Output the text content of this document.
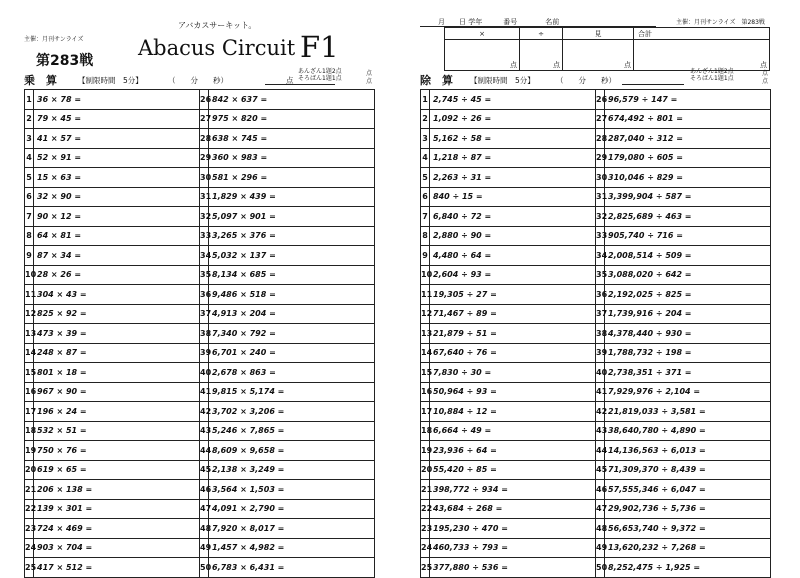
主催：月刊サンライズ
第283戦
アバカスサーキット。
Abacus Circuit F1
乗　算	【制限時間　5分】	（　　分　　秒）	点
あんざん1題2点
そろばん1題1点
点
点
1	36 × 78 =	26	842 × 637 =
2	79 × 45 =	27	975 × 820 =
3	41 × 57 =	28	638 × 745 =
4	52 × 91 =	29	360 × 983 =
5	15 × 63 =	30	581 × 296 =
6	32 × 90 =	31	1,829 × 439 =
7	90 × 12 =	32	5,097 × 901 =
8	64 × 81 =	33	3,265 × 376 =
9	87 × 34 =	34	5,032 × 137 =
10	28 × 26 =	35	8,134 × 685 =
11	304 × 43 =	36	9,486 × 518 =
12	825 × 92 =	37	4,913 × 204 =
13	473 × 39 =	38	7,340 × 792 =
14	248 × 87 =	39	6,701 × 240 =
15	801 × 18 =	40	2,678 × 863 =
16	967 × 90 =	41	9,815 × 5,174 =
17	196 × 24 =	42	3,702 × 3,206 =
18	532 × 51 =	43	5,246 × 7,865 =
19	750 × 76 =	44	8,609 × 9,658 =
20	619 × 65 =	45	2,138 × 3,249 =
21	206 × 138 =	46	3,564 × 1,503 =
22	139 × 301 =	47	4,091 × 2,790 =
23	724 × 469 =	48	7,920 × 8,017 =
24	903 × 704 =	49	1,457 × 4,982 =
25	417 × 512 =	50	6,783 × 6,431 =
月　　日 学年　　　番号　　　　名前	主催：月刊サンライズ　第283戦
×	÷	見	合計
点	点	点	点
除　算 【制限時間　5分】	（　　分　　秒）
あんざん1題2点
そろばん1題1点
点
点
1	2,745 ÷ 45 =	26	96,579 ÷ 147 =
2	1,092 ÷ 26 =	27	674,492 ÷ 801 =
3	5,162 ÷ 58 =	28	287,040 ÷ 312 =
4	1,218 ÷ 87 =	29	179,080 ÷ 605 =
5	2,263 ÷ 31 =	30	310,046 ÷ 829 =
6	840 ÷ 15 =	31	3,399,904 ÷ 587 =
7	6,840 ÷ 72 =	32	2,825,689 ÷ 463 =
8	2,880 ÷ 90 =	33	905,740 ÷ 716 =
9	4,480 ÷ 64 =	34	2,008,514 ÷ 509 =
10	2,604 ÷ 93 =	35	3,088,020 ÷ 642 =
11	19,305 ÷ 27 =	36	2,192,025 ÷ 825 =
12	71,467 ÷ 89 =	37	1,739,916 ÷ 204 =
13	21,879 ÷ 51 =	38	4,378,440 ÷ 930 =
14	67,640 ÷ 76 =	39	1,788,732 ÷ 198 =
15	7,830 ÷ 30 =	40	2,738,351 ÷ 371 =
16	50,964 ÷ 93 =	41	7,929,976 ÷ 2,104 =
17	10,884 ÷ 12 =	42	21,819,033 ÷ 3,581 =
18	6,664 ÷ 49 =	43	38,640,780 ÷ 4,890 =
19	23,936 ÷ 64 =	44	14,136,563 ÷ 6,013 =
20	55,420 ÷ 85 =	45	71,309,370 ÷ 8,439 =
21	398,772 ÷ 934 =	46	57,555,346 ÷ 6,047 =
22	43,684 ÷ 268 =	47	29,902,736 ÷ 5,736 =
23	195,230 ÷ 470 =	48	56,653,740 ÷ 9,372 =
24	460,733 ÷ 793 =	49	13,620,232 ÷ 7,268 =
25	377,880 ÷ 536 =	50	8,252,475 ÷ 1,925 =
